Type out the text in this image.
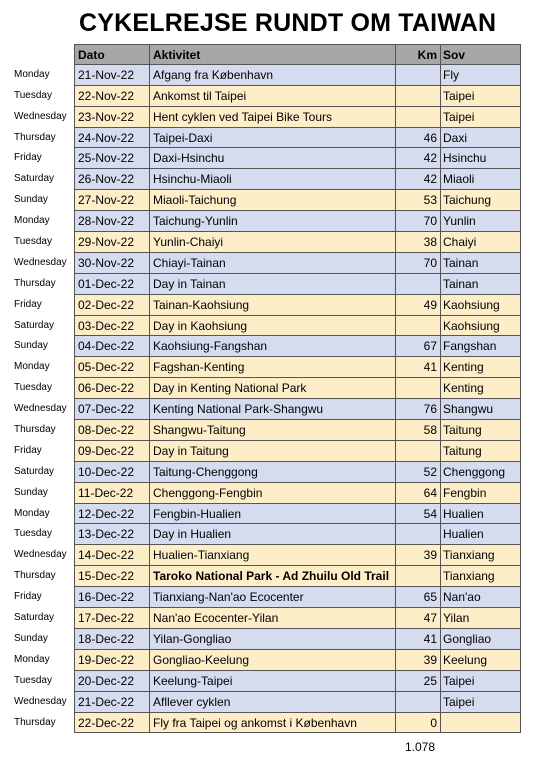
CYKELREJSE RUNDT OM TAIWAN
Dato	Aktivitet	Km Sov
Monday	21-Nov-22	Afgang fra København	Fly
Tuesday	22-Nov-22	Ankomst til Taipei	Taipei
Wednesday 23-Nov-22	Hent cyklen ved Taipei Bike Tours	Taipei
Thursday	24-Nov-22	Taipei-Daxi	46 Daxi
Friday	25-Nov-22	Daxi-Hsinchu	42 Hsinchu
Saturday	26-Nov-22	Hsinchu-Miaoli	42 Miaoli
Sunday	27-Nov-22	Miaoli-Taichung	53 Taichung
Monday	28-Nov-22	Taichung-Yunlin	70 Yunlin
Tuesday	29-Nov-22	Yunlin-Chaiyi	38 Chaiyi
Wednesday 30-Nov-22	Chiayi-Tainan	70 Tainan
Thursday	01-Dec-22	Day in Tainan	Tainan
Friday	02-Dec-22	Tainan-Kaohsiung	49 Kaohsiung
Saturday	03-Dec-22	Day in Kaohsiung	Kaohsiung
Sunday	04-Dec-22	Kaohsiung-Fangshan	67 Fangshan
Monday	05-Dec-22	Fagshan-Kenting	41 Kenting
Tuesday	06-Dec-22	Day in Kenting National Park	Kenting
Wednesday 07-Dec-22	Kenting National Park-Shangwu	76 Shangwu
Thursday	08-Dec-22	Shangwu-Taitung	58 Taitung
Friday	09-Dec-22	Day in Taitung	Taitung
Saturday	10-Dec-22	Taitung-Chenggong	52 Chenggong
Sunday	11-Dec-22	Chenggong-Fengbin	64 Fengbin
Monday	12-Dec-22	Fengbin-Hualien	54 Hualien
Tuesday	13-Dec-22	Day in Hualien	Hualien
Wednesday 14-Dec-22	Hualien-Tianxiang	39 Tianxiang
Thursday	15-Dec-22	Taroko National Park - Ad Zhuilu Old Trail	Tianxiang
Friday	16-Dec-22	Tianxiang-Nan'ao Ecocenter	65 Nan'ao
Saturday	17-Dec-22	Nan'ao Ecocenter-Yilan	47 Yilan
Sunday	18-Dec-22	Yilan-Gongliao	41 Gongliao
Monday	19-Dec-22	Gongliao-Keelung	39 Keelung
Tuesday	20-Dec-22	Keelung-Taipei	25 Taipei
Wednesday 21-Dec-22	Afllever cyklen	Taipei
Thursday	22-Dec-22	Fly fra Taipei og ankomst i København	0
1.078
